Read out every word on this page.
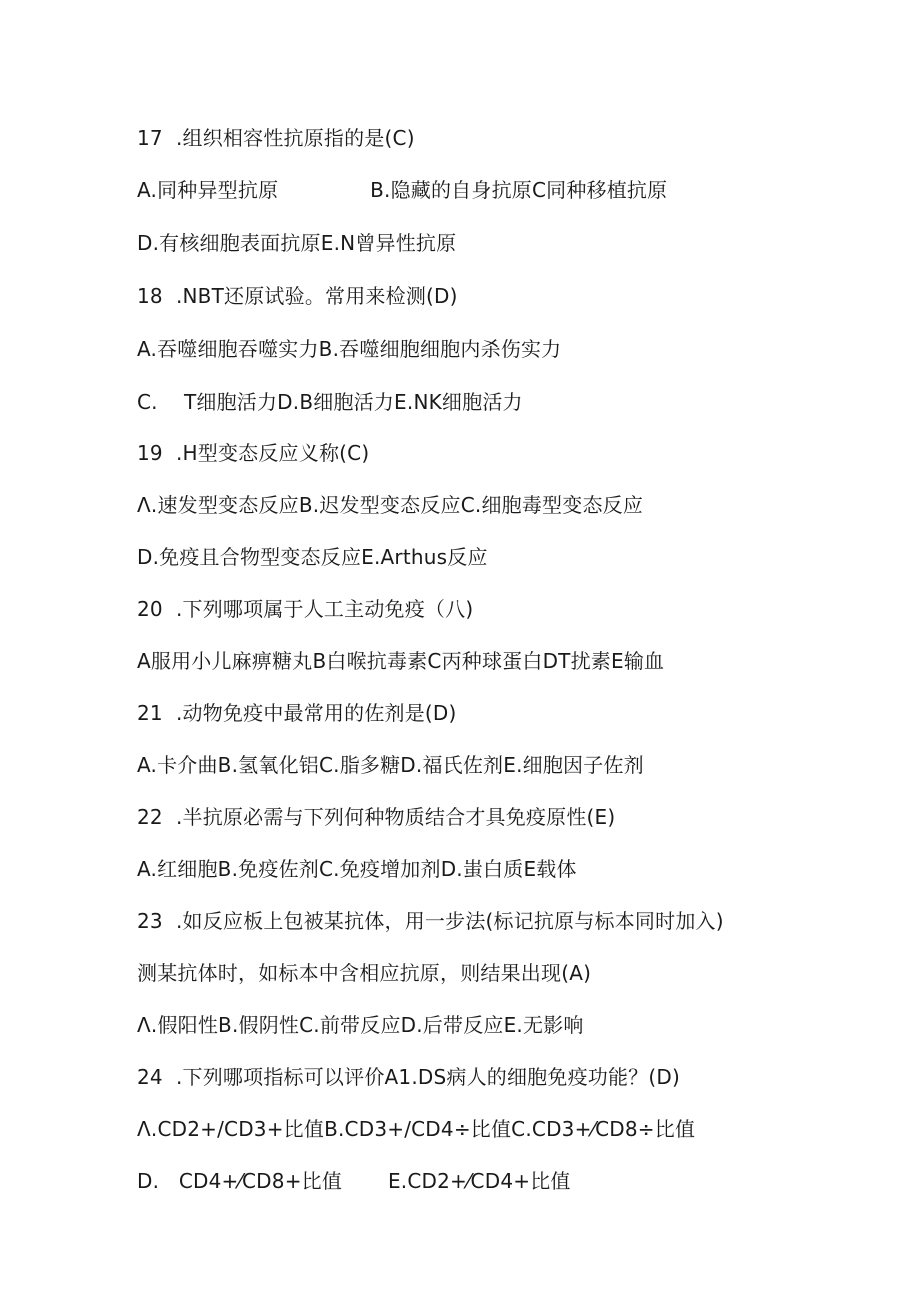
17  .组织相容性抗原指的是(C)
A.同种异型抗原              B.隐藏的自身抗原C同种移植抗原
D.有核细胞表面抗原E.N曾异性抗原
18  .NBT还原试验。常用来检测(D)
A.吞噬细胞吞噬实力B.吞噬细胞细胞内杀伤实力
C.    T细胞活力D.B细胞活力E.NK细胞活力
19  .H型变态反应义称(C)
Λ.速发型变态反应B.迟发型变态反应C.细胞毒型变态反应
D.免疫且合物型变态反应E.Arthus反应
20  .下列哪项属于人工主动免疫（八)
A服用小儿麻痹糖丸B白喉抗毒素C丙种球蛋白DT扰素E输血
21  .动物免疫中最常用的佐剂是(D)
A.卡介曲B.氢氧化铝C.脂多糖D.福氏佐剂E.细胞因子佐剂
22  .半抗原必需与下列何种物质结合才具免疫原性(E)
A.红细胞B.免疫佐剂C.免疫增加剂D.蚩白质E载体
23  .如反应板上包被某抗体，用一步法(标记抗原与标本同时加入)
测某抗体时，如标本中含相应抗原，则结果出现(A)
Λ.假阳性B.假阴性C.前带反应D.后带反应E.无影响
24  .下列哪项指标可以评价A1.DS病人的细胞免疫功能？(D)
Λ.CD2+/CD3+比值B.CD3+/CD4÷比值C.CD3+⁄CD8÷比值
D.   CD4+⁄CD8+比值       E.CD2+⁄CD4+比值
